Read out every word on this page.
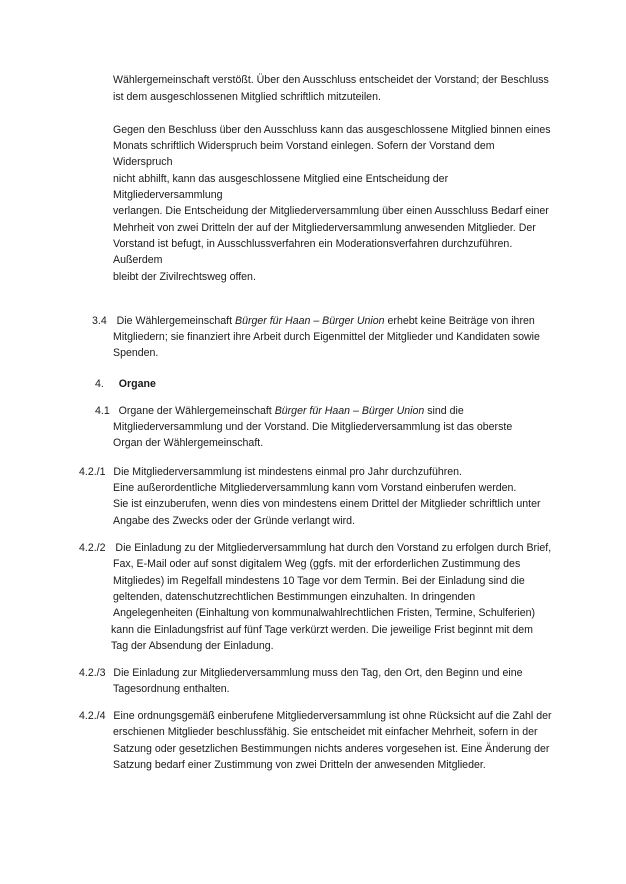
Wählergemeinschaft verstößt. Über den Ausschluss entscheidet der Vorstand; der Beschluss
ist dem ausgeschlossenen Mitglied schriftlich mitzuteilen.
Gegen den Beschluss über den Ausschluss kann das ausgeschlossene Mitglied binnen eines
Monats schriftlich Widerspruch beim Vorstand einlegen. Sofern der Vorstand dem
Widerspruch
nicht abhilft, kann das ausgeschlossene Mitglied eine Entscheidung der
Mitgliederversammlung
verlangen. Die Entscheidung der Mitgliederversammlung über einen Ausschluss Bedarf einer
Mehrheit von zwei Dritteln der auf der Mitgliederversammlung anwesenden Mitglieder. Der
Vorstand ist befugt, in Ausschlussverfahren ein Moderationsverfahren durchzuführen.
Außerdem
bleibt der Zivilrechtsweg offen.
3.4 Die Wählergemeinschaft Bürger für Haan – Bürger Union erhebt keine Beiträge von ihren
Mitgliedern; sie finanziert ihre Arbeit durch Eigenmittel der Mitglieder und Kandidaten sowie
Spenden.
4. Organe
4.1 Organe der Wählergemeinschaft Bürger für Haan – Bürger Union sind die
Mitgliederversammlung und der Vorstand. Die Mitgliederversammlung ist das oberste
Organ der Wählergemeinschaft.
4.2./1 Die Mitgliederversammlung ist mindestens einmal pro Jahr durchzuführen.
Eine außerordentliche Mitgliederversammlung kann vom Vorstand einberufen werden.
Sie ist einzuberufen, wenn dies von mindestens einem Drittel der Mitglieder schriftlich unter
Angabe des Zwecks oder der Gründe verlangt wird.
4.2./2 Die Einladung zu der Mitgliederversammlung hat durch den Vorstand zu erfolgen durch Brief,
Fax, E-Mail oder auf sonst digitalem Weg (ggfs. mit der erforderlichen Zustimmung des
Mitgliedes) im Regelfall mindestens 10 Tage vor dem Termin. Bei der Einladung sind die
geltenden, datenschutzrechtlichen Bestimmungen einzuhalten. In dringenden
Angelegenheiten (Einhaltung von kommunalwahlrechtlichen Fristen, Termine, Schulferien)
kann die Einladungsfrist auf fünf Tage verkürzt werden. Die jeweilige Frist beginnt mit dem
Tag der Absendung der Einladung.
4.2./3 Die Einladung zur Mitgliederversammlung muss den Tag, den Ort, den Beginn und eine
Tagesordnung enthalten.
4.2./4 Eine ordnungsgemäß einberufene Mitgliederversammlung ist ohne Rücksicht auf die Zahl der
erschienen Mitglieder beschlussfähig. Sie entscheidet mit einfacher Mehrheit, sofern in der
Satzung oder gesetzlichen Bestimmungen nichts anderes vorgesehen ist. Eine Änderung der
Satzung bedarf einer Zustimmung von zwei Dritteln der anwesenden Mitglieder.
